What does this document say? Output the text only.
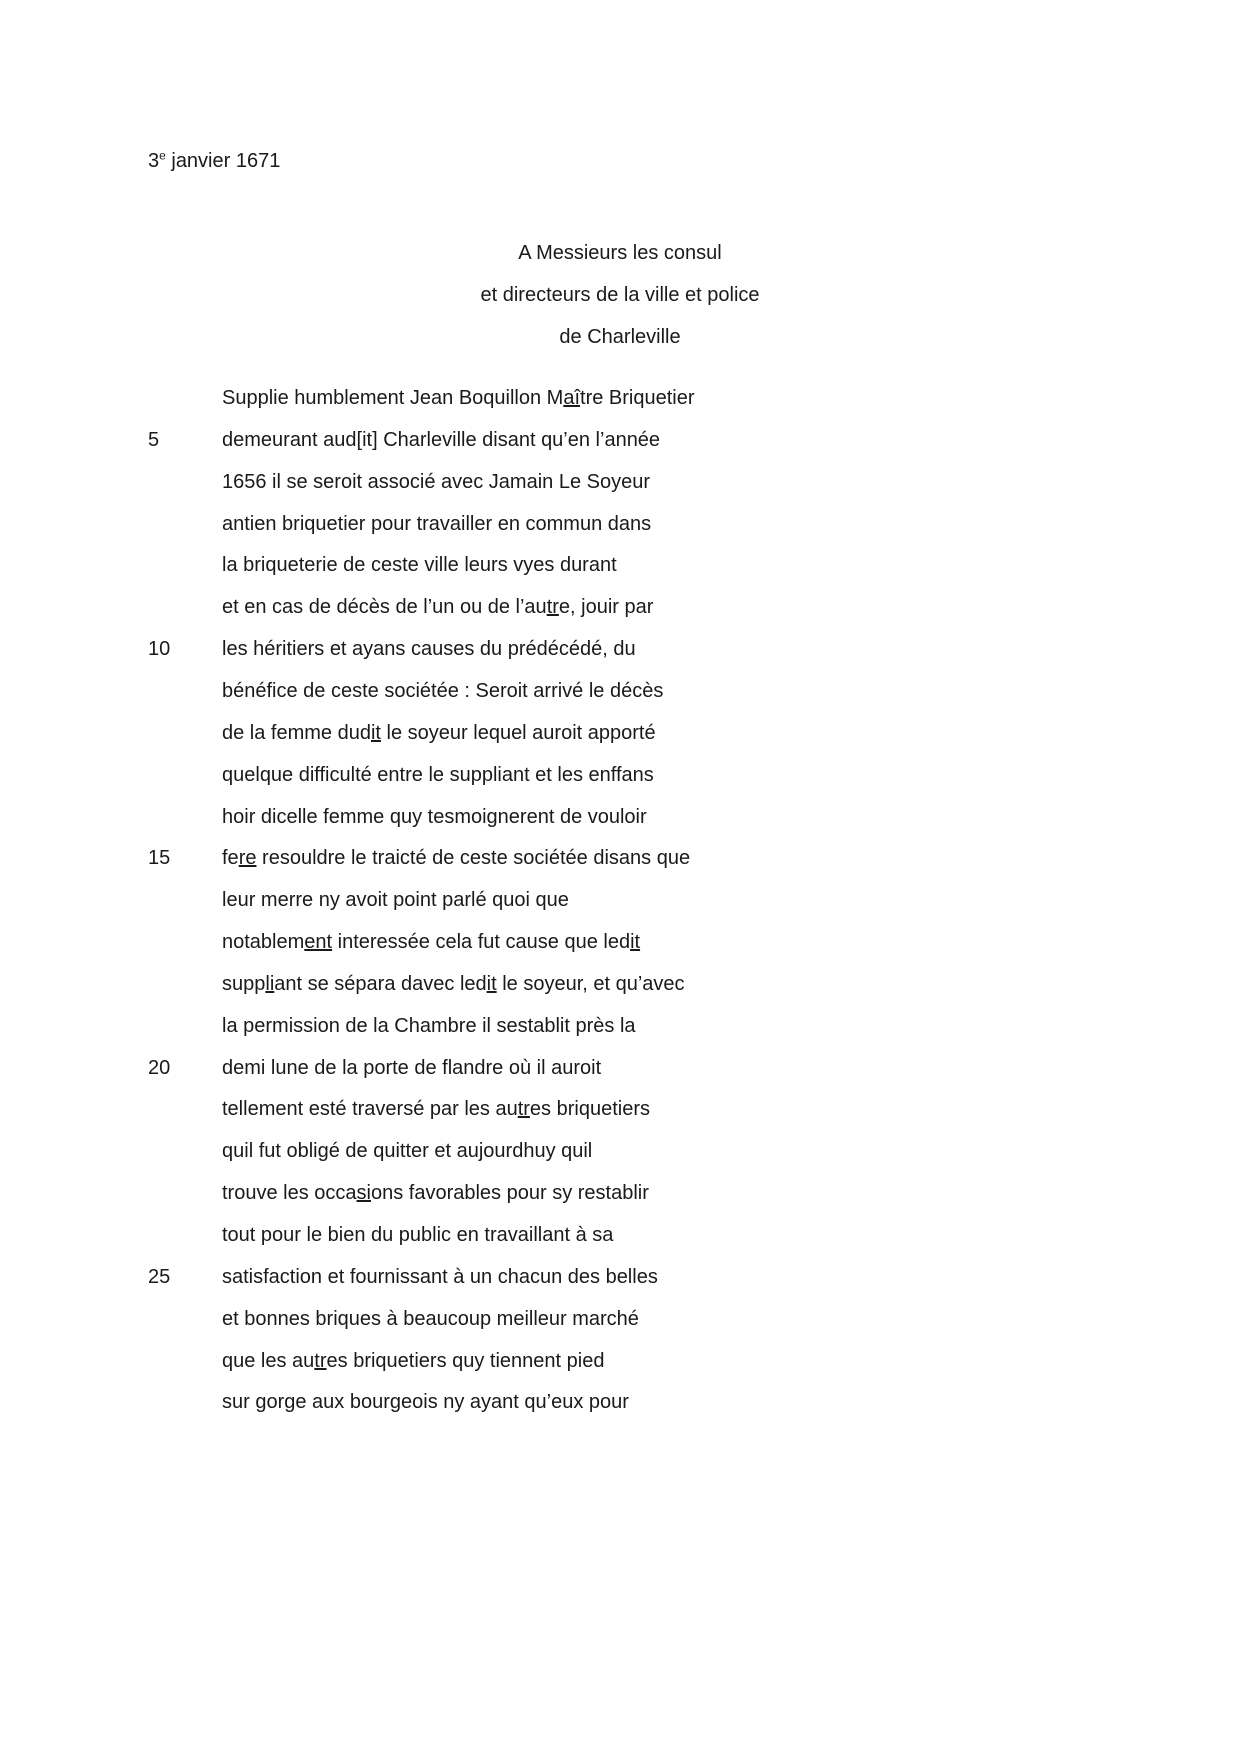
3e janvier 1671
A Messieurs les consul
et directeurs de la ville et police
de Charleville
Supplie humblement Jean Boquillon Maître Briquetier
5	demeurant aud[it] Charleville disant qu’en l’année
1656 il se seroit associé avec Jamain Le Soyeur
antien briquetier pour travailler en commun dans
la briqueterie de ceste ville leurs vyes durant
et en cas de décès de l’un ou de l’autre, jouir par
10	les héritiers et ayans causes du prédécédé, du
bénéfice de ceste sociétée : Seroit arrivé le décès
de la femme dudit le soyeur lequel auroit apporté
quelque difficulté entre le suppliant et les enffans
hoir dicelle femme quy tesmoignerent de vouloir
15	fere resouldre le traicté de ceste sociétée disans que
leur merre ny avoit point parlé quoi que
notablement interessée cela fut cause que ledit
suppliant se sépara davec ledit le soyeur, et qu’avec
la permission de la Chambre il sestablit près la
20	demi lune de la porte de flandre où il auroit
tellement esté traversé par les autres briquetiers
quil fut obligé de quitter et aujourdhuy quil
trouve les occasions favorables pour sy restablir
tout pour le bien du public en travaillant à sa
25	satisfaction et fournissant à un chacun des belles
et bonnes briques à beaucoup meilleur marché
que les autres briquetiers quy tiennent pied
sur gorge aux bourgeois ny ayant qu’eux pour
